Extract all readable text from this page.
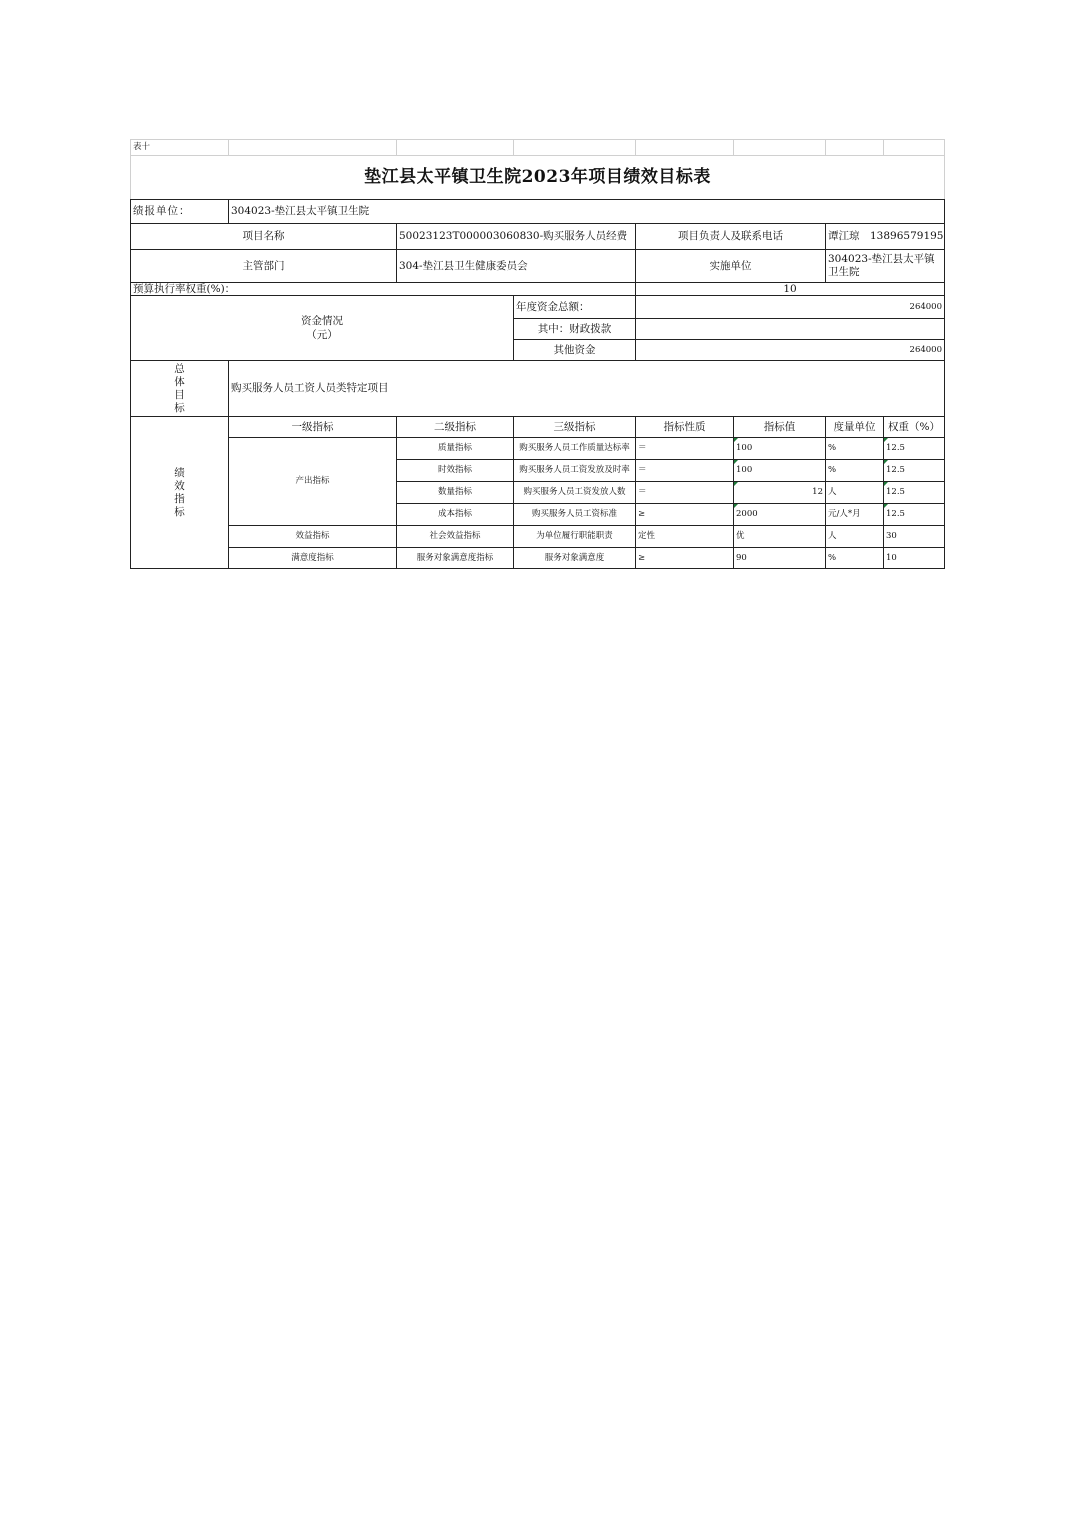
表十							
垫江县太平镇卫生院2023年项目绩效目标表							
绩报单位：	304023-垫江县太平镇卫生院						
项目名称		50023123T000003060830-购买服务人员经费		项目负责人及联系电话		谭江琼　13896579195	
主管部门		304-垫江县卫生健康委员会		实施单位		304023-垫江县太平镇卫生院	
预算执行率权重(%)：				10			

资金情况
（元）			年度资金总额：	264000			
			其中：财政拨款				
			其他资金	264000			

总
体
目
标	购买服务人员工资人员类特定项目						

绩
效
指
标	一级指标	二级指标	三级指标	指标性质	指标值	度量单位	权重（%）
	产出指标	质量指标	购买服务人员工作质量达标率	＝	100	%	12.5
		时效指标	购买服务人员工资发放及时率	＝	100	%	12.5
		数量指标	购买服务人员工资发放人数	＝	12	人	12.5
		成本指标	购买服务人员工资标准	≥	2000	元/人*月	12.5
	效益指标	社会效益指标	为单位履行职能职责	定性	优	人	30
	满意度指标	服务对象满意度指标	服务对象满意度	≥	90	%	10
